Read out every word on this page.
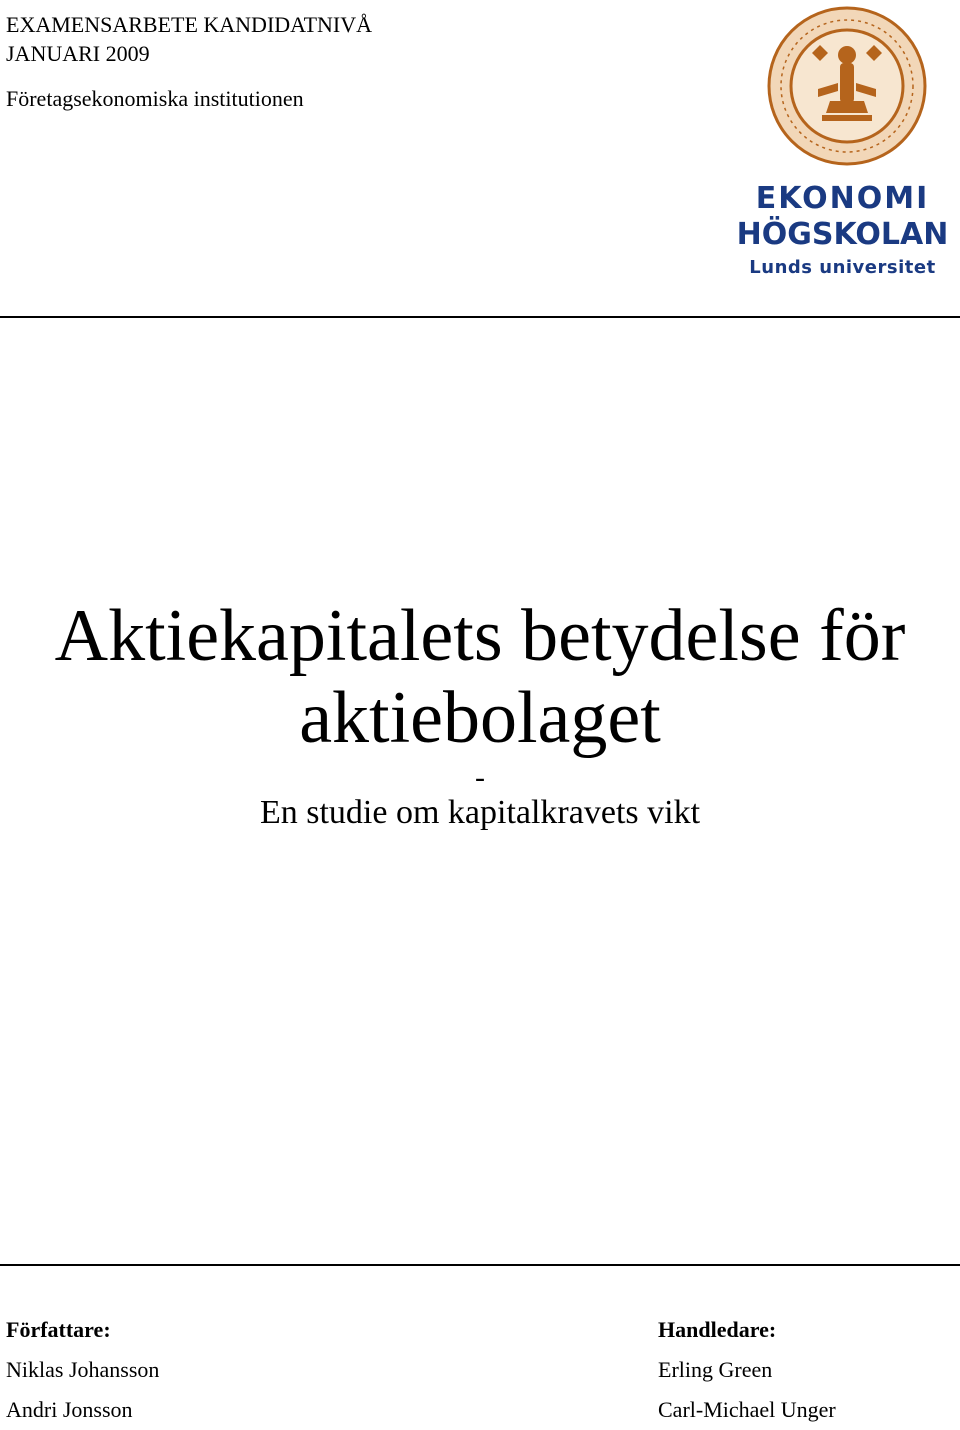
EXAMENSARBETE KANDIDATNIVÅ
JANUARI 2009
Företagsekonomiska institutionen
EKONOMI
HÖGSKOLAN
Lunds universitet
Aktiekapitalets betydelse för
aktiebolaget
-
En studie om kapitalkravets vikt
Författare:
Niklas Johansson
Andri Jonsson
Handledare:
Erling Green
Carl-Michael Unger
